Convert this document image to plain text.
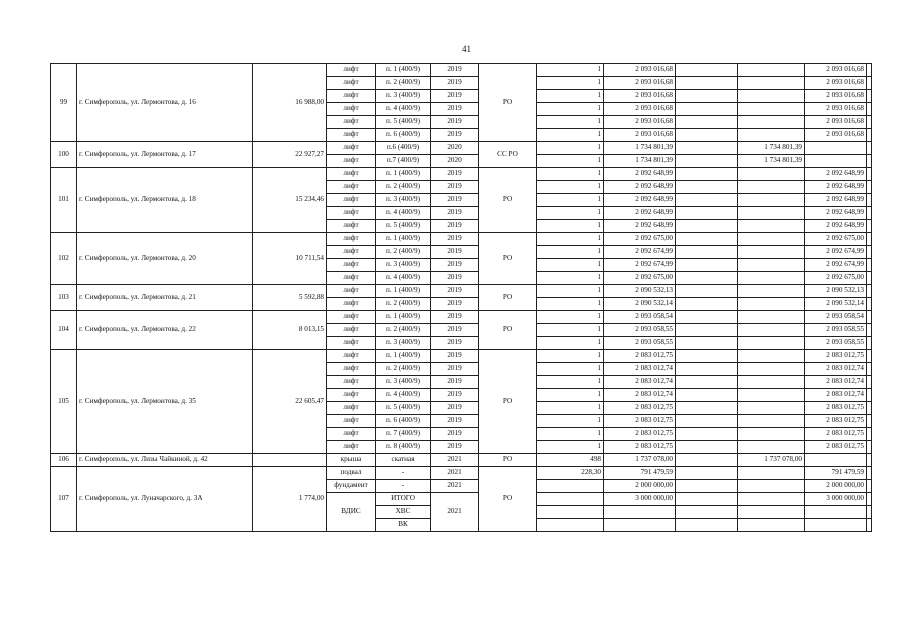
41
99	г. Симферополь, ул. Лермонтова, д. 16	16 988,00	лифт	п. 1 (400/9)	2019	РО	1	2 093 016,68			2 093 016,68	
			лифт	п. 2 (400/9)	2019		1	2 093 016,68			2 093 016,68	
			лифт	п. 3 (400/9)	2019		1	2 093 016,68			2 093 016,68	
			лифт	п. 4 (400/9)	2019		1	2 093 016,68			2 093 016,68	
			лифт	п. 5 (400/9)	2019		1	2 093 016,68			2 093 016,68	
			лифт	п. 6 (400/9)	2019		1	2 093 016,68			2 093 016,68	
100	г. Симферополь, ул. Лермонтова, д. 17	22 927,27	лифт	п.6 (400/9)	2020	СС РО	1	1 734 801,39		1 734 801,39		
			лифт	п.7 (400/9)	2020		1	1 734 801,39		1 734 801,39		
101	г. Симферополь, ул. Лермонтова, д. 18	15 234,46	лифт	п. 1 (400/9)	2019	РО	1	2 092 648,99			2 092 648,99	
			лифт	п. 2 (400/9)	2019		1	2 092 648,99			2 092 648,99	
			лифт	п. 3 (400/9)	2019		1	2 092 648,99			2 092 648,99	
			лифт	п. 4 (400/9)	2019		1	2 092 648,99			2 092 648,99	
			лифт	п. 5 (400/9)	2019		1	2 092 648,99			2 092 648,99	
102	г. Симферополь, ул. Лермонтова, д. 20	10 711,54	лифт	п. 1 (400/9)	2019	РО	1	2 092 675,00			2 092 675,00	
			лифт	п. 2 (400/9)	2019		1	2 092 674,99			2 092 674,99	
			лифт	п. 3 (400/9)	2019		1	2 092 674,99			2 092 674,99	
			лифт	п. 4 (400/9)	2019		1	2 092 675,00			2 092 675,00	
103	г. Симферополь, ул. Лермонтова, д. 21	5 592,88	лифт	п. 1 (400/9)	2019	РО	1	2 090 532,13			2 090 532,13	
			лифт	п. 2 (400/9)	2019		1	2 090 532,14			2 090 532,14	
104	г. Симферополь, ул. Лермонтова, д. 22	8 013,15	лифт	п. 1 (400/9)	2019	РО	1	2 093 058,54			2 093 058,54	
			лифт	п. 2 (400/9)	2019		1	2 093 058,55			2 093 058,55	
			лифт	п. 3 (400/9)	2019		1	2 093 058,55			2 093 058,55	
105	г. Симферополь, ул. Лермонтова, д. 35	22 605,47	лифт	п. 1 (400/9)	2019	РО	1	2 083 012,75			2 083 012,75	
			лифт	п. 2 (400/9)	2019		1	2 083 012,74			2 083 012,74	
			лифт	п. 3 (400/9)	2019		1	2 083 012,74			2 083 012,74	
			лифт	п. 4 (400/9)	2019		1	2 083 012,74			2 083 012,74	
			лифт	п. 5 (400/9)	2019		1	2 083 012,75			2 083 012,75	
			лифт	п. 6 (400/9)	2019		1	2 083 012,75			2 083 012,75	
			лифт	п. 7 (400/9)	2019		1	2 083 012,75			2 083 012,75	
			лифт	п. 8 (400/9)	2019		1	2 083 012,75			2 083 012,75	
106	г. Симферополь, ул. Лизы Чайкиной, д. 42		крыша	скатная	2021	РО	498	1 737 078,00		1 737 078,00		
107	г. Симферополь, ул. Луначарского, д. 3А	1 774,00	подвал	-	2021	РО	228,30	791 479,59			791 479,59	
			фундамент	-	2021			2 000 000,00			2 000 000,00	
			ВДИС	ИТОГО	2021			3 000 000,00			3 000 000,00	
				ХВС								
				ВК								
